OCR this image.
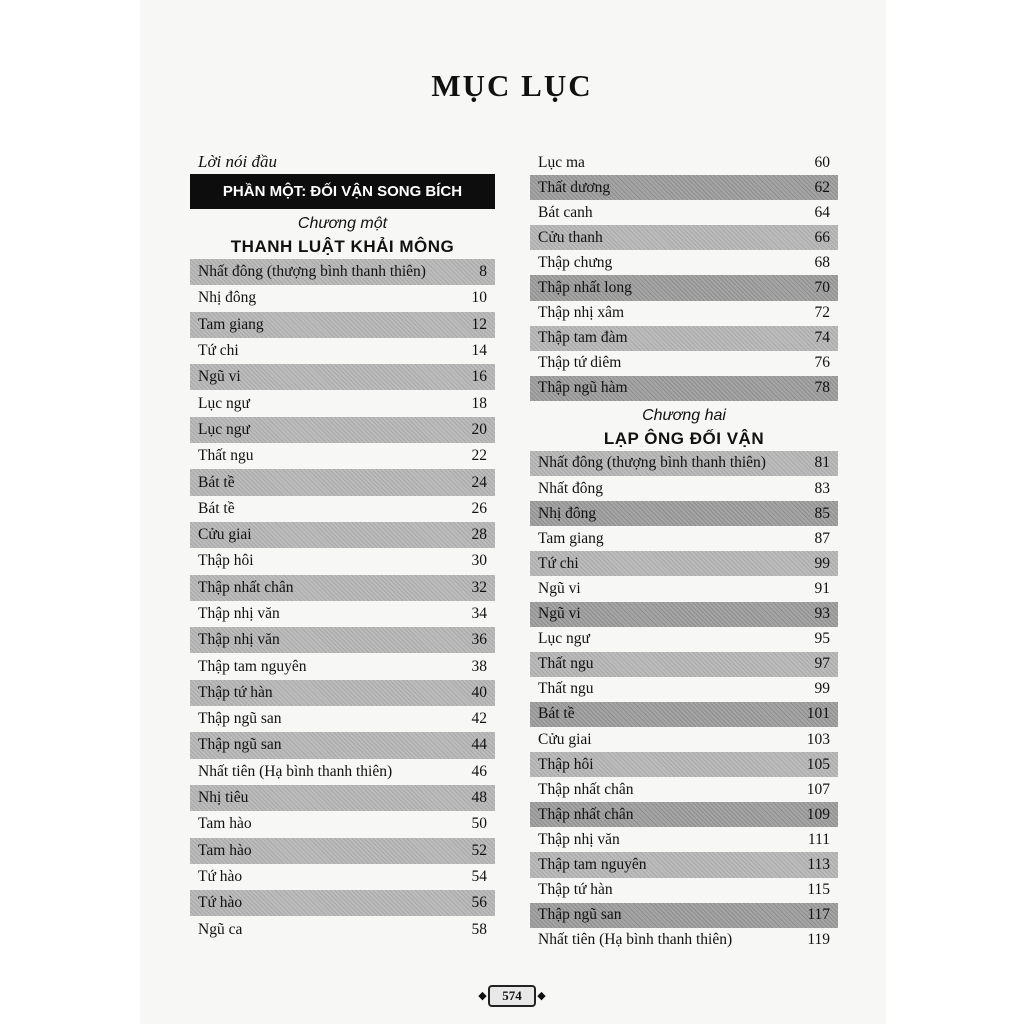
MỤC LỤC
Lời nói đầu
PHẦN MỘT: ĐỐI VẬN SONG BÍCH
Chương một
THANH LUẬT KHẢI MÔNG
Nhất đông (thượng bình thanh thiên)	8
Nhị đông	10
Tam giang	12
Tứ chi	14
Ngũ vi	16
Lục ngư	18
Lục ngư	20
Thất ngu	22
Bát tề	24
Bát tề	26
Cửu giai	28
Thập hôi	30
Thập nhất chân	32
Thập nhị văn	34
Thập nhị văn	36
Thập tam nguyên	38
Thập tứ hàn	40
Thập ngũ san	42
Thập ngũ san	44
Nhất tiên (Hạ bình thanh thiên)	46
Nhị tiêu	48
Tam hào	50
Tam hào	52
Tứ hào	54
Tứ hào	56
Ngũ ca	58
Lục ma	60
Thất dương	62
Bát canh	64
Cửu thanh	66
Thập chưng	68
Thập nhất long	70
Thập nhị xâm	72
Thập tam đàm	74
Thập tứ diêm	76
Thập ngũ hàm	78
Chương hai
LẠP ÔNG ĐỐI VẬN
Nhất đông (thượng bình thanh thiên)	81
Nhất đông	83
Nhị đông	85
Tam giang	87
Tứ chi	99
Ngũ vi	91
Ngũ vi	93
Lục ngư	95
Thất ngu	97
Thất ngu	99
Bát tề	101
Cửu giai	103
Thập hôi	105
Thập nhất chân	107
Thập nhất chân	109
Thập nhị văn	111
Thập tam nguyên	113
Thập tứ hàn	115
Thập ngũ san	117
Nhất tiên (Hạ bình thanh thiên)	119
◆ 574 ◆
